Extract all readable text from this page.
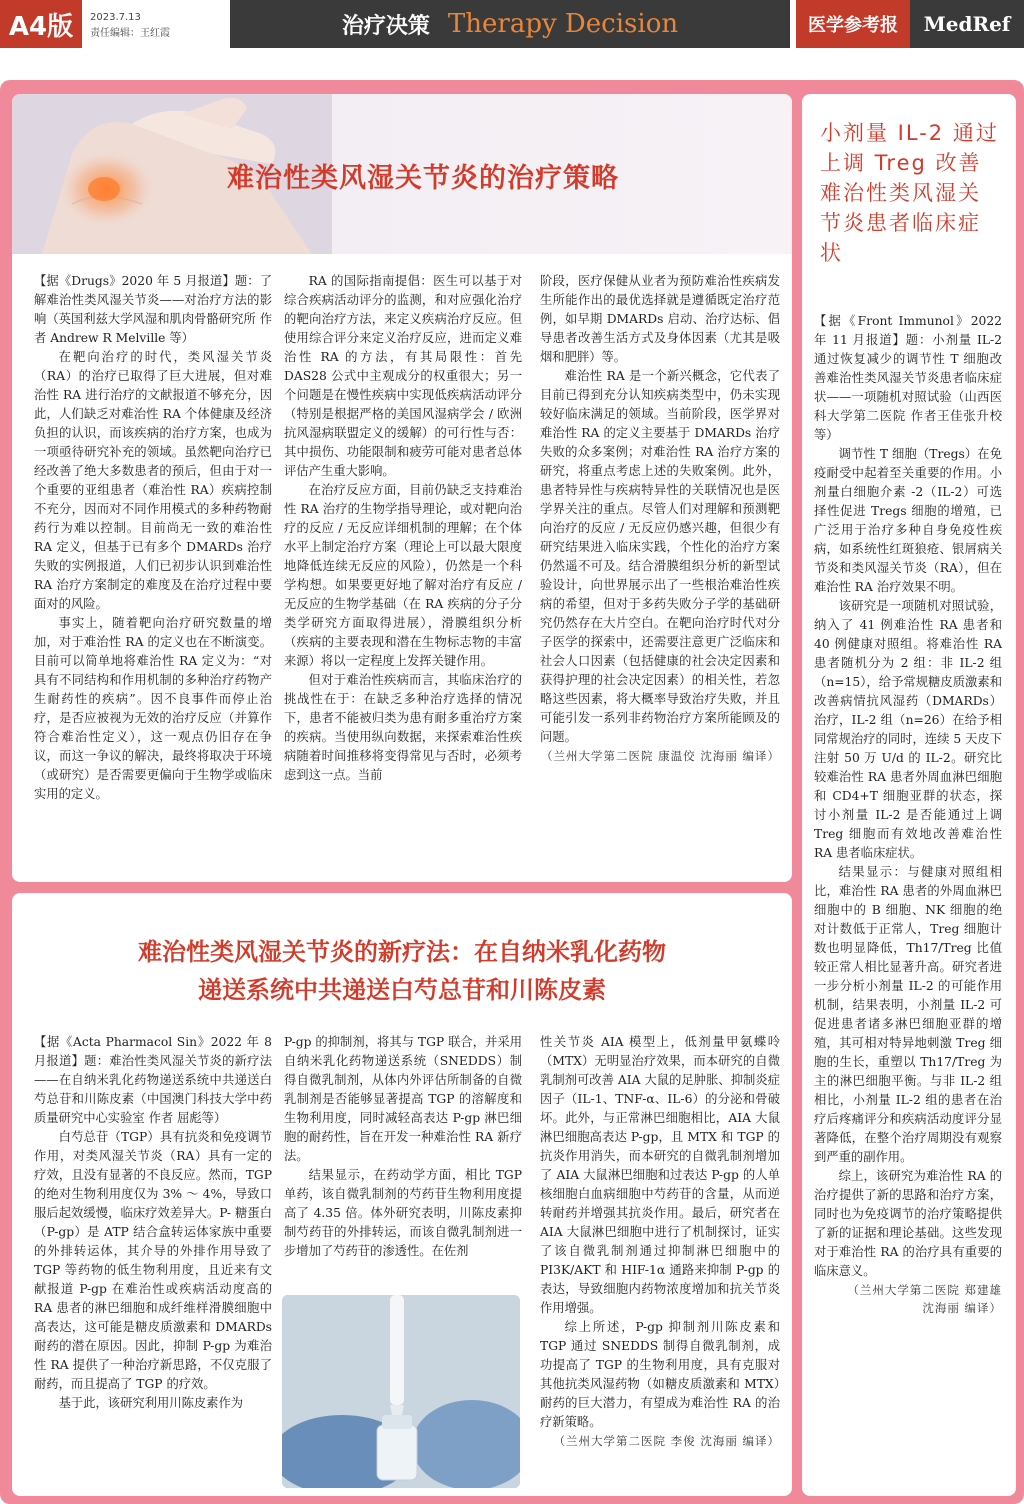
A4版	2023.7.13
责任编辑：王红霞	治疗决策 Therapy Decision	医学参考报	MedRef
难治性类风湿关节炎的治疗策略

【据《Drugs》2020 年 5 月报道】题：了解难治性类风湿关节炎——对治疗方法的影响（英国利兹大学风湿和肌肉骨骼研究所 作者 Andrew R Melville 等）

在靶向治疗的时代，类风湿关节炎（RA）的治疗已取得了巨大进展，但对难治性 RA 进行治疗的文献报道不够充分，因此，人们缺乏对难治性 RA 个体健康及经济负担的认识，而该疾病的治疗方案，也成为一项亟待研究补充的领域。虽然靶向治疗已经改善了绝大多数患者的预后，但由于对一个重要的亚组患者（难治性 RA）疾病控制不充分，因而对不同作用模式的多种药物耐药行为难以控制。目前尚无一致的难治性 RA 定义，但基于已有多个 DMARDs 治疗失败的实例报道，人们已初步认识到难治性 RA 治疗方案制定的难度及在治疗过程中要面对的风险。

事实上，随着靶向治疗研究数量的增加，对于难治性 RA 的定义也在不断演变。目前可以简单地将难治性 RA 定义为：“对具有不同结构和作用机制的多种治疗药物产生耐药性的疾病”。因不良事件而停止治疗，是否应被视为无效的治疗反应（并算作符合难治性定义），这一观点仍旧存在争议，而这一争议的解决，最终将取决于环境（或研究）是否需要更偏向于生物学或临床实用的定义。

RA 的国际指南提倡：医生可以基于对综合疾病活动评分的监测，和对应强化治疗的靶向治疗方法，来定义疾病治疗反应。但使用综合评分来定义治疗反应，进而定义难治性 RA 的方法，有其局限性：首先 DAS28 公式中主观成分的权重很大；另一个问题是在慢性疾病中实现低疾病活动评分（特别是根据严格的美国风湿病学会 / 欧洲抗风湿病联盟定义的缓解）的可行性与否：其中损伤、功能限制和疲劳可能对患者总体评估产生重大影响。

在治疗反应方面，目前仍缺乏支持难治性 RA 治疗的生物学指导理论，或对靶向治疗的反应 / 无反应详细机制的理解；在个体水平上制定治疗方案（理论上可以最大限度地降低连续无反应的风险），仍然是一个科学构想。如果要更好地了解对治疗有反应 / 无反应的生物学基础（在 RA 疾病的分子分类学研究方面取得进展），滑膜组织分析（疾病的主要表现和潜在生物标志物的丰富来源）将以一定程度上发挥关键作用。

但对于难治性疾病而言，其临床治疗的挑战性在于：在缺乏多种治疗选择的情况下，患者不能被归类为患有耐多重治疗方案的疾病。当使用纵向数据，来探索难治性疾病随着时间推移将变得常见与否时，必须考虑到这一点。当前

阶段，医疗保健从业者为预防难治性疾病发生所能作出的最优选择就是遵循既定治疗范例，如早期 DMARDs 启动、治疗达标、倡导患者改善生活方式及身体因素（尤其是吸烟和肥胖）等。

难治性 RA 是一个新兴概念，它代表了目前已得到充分认知疾病类型中，仍未实现较好临床满足的领域。当前阶段，医学界对难治性 RA 的定义主要基于 DMARDs 治疗失败的众多案例；对难治性 RA 治疗方案的研究，将重点考虑上述的失败案例。此外，患者特异性与疾病特异性的关联情况也是医学界关注的重点。尽管人们对理解和预测靶向治疗的反应 / 无反应仍感兴趣，但很少有研究结果进入临床实践，个性化的治疗方案仍然遥不可及。结合滑膜组织分析的新型试验设计，向世界展示出了一些根治难治性疾病的希望，但对于多药失败分子学的基础研究仍然存在大片空白。在靶向治疗时代对分子医学的探索中，还需要注意更广泛临床和社会人口因素（包括健康的社会决定因素和获得护理的社会决定因素）的相关性，若忽略这些因素，将大概率导致治疗失败，并且可能引发一系列非药物治疗方案所能顾及的问题。

（兰州大学第二医院 康温佼 沈海丽 编译）
难治性类风湿关节炎的新疗法：在自纳米乳化药物
递送系统中共递送白芍总苷和川陈皮素

【据《Acta Pharmacol Sin》2022 年 8 月报道】题：难治性类风湿关节炎的新疗法——在自纳米乳化药物递送系统中共递送白芍总苷和川陈皮素（中国澳门科技大学中药质量研究中心实验室 作者 屈彪等）

白芍总苷（TGP）具有抗炎和免疫调节作用，对类风湿关节炎（RA）具有一定的疗效，且没有显著的不良反应。然而，TGP 的绝对生物利用度仅为 3% ～ 4%，导致口服后起效缓慢，临床疗效差异大。P- 糖蛋白（P-gp）是 ATP 结合盒转运体家族中重要的外排转运体，其介导的外排作用导致了 TGP 等药物的低生物利用度，且近来有文献报道 P-gp 在难治性或疾病活动度高的 RA 患者的淋巴细胞和成纤维样滑膜细胞中高表达，这可能是糖皮质激素和 DMARDs 耐药的潜在原因。因此，抑制 P-gp 为难治性 RA 提供了一种治疗新思路，不仅克服了耐药，而且提高了 TGP 的疗效。

基于此，该研究利用川陈皮素作为

P-gp 的抑制剂，将其与 TGP 联合，并采用自纳米乳化药物递送系统（SNEDDS）制得自微乳制剂，从体内外评估所制备的自微乳制剂是否能够显著提高 TGP 的溶解度和生物利用度，同时减轻高表达 P-gp 淋巴细胞的耐药性，旨在开发一种难治性 RA 新疗法。

结果显示，在药动学方面，相比 TGP 单药，该自微乳制剂的芍药苷生物利用度提高了 4.35 倍。体外研究表明，川陈皮素抑制芍药苷的外排转运，而该自微乳制剂进一步增加了芍药苷的渗透性。在佐剂

性关节炎 AIA 模型上，低剂量甲氨蝶呤（MTX）无明显治疗效果，而本研究的自微乳制剂可改善 AIA 大鼠的足肿胀、抑制炎症因子（IL-1、TNF-α、IL-6）的分泌和骨破坏。此外，与正常淋巴细胞相比，AIA 大鼠淋巴细胞高表达 P-gp，且 MTX 和 TGP 的抗炎作用消失，而本研究的自微乳制剂增加了 AIA 大鼠淋巴细胞和过表达 P-gp 的人单核细胞白血病细胞中芍药苷的含量，从而逆转耐药并增强其抗炎作用。最后，研究者在 AIA 大鼠淋巴细胞中进行了机制探讨，证实了该自微乳制剂通过抑制淋巴细胞中的 PI3K/AKT 和 HIF-1α 通路来抑制 P-gp 的表达，导致细胞内药物浓度增加和抗关节炎作用增强。

综上所述，P-gp 抑制剂川陈皮素和 TGP 通过 SNEDDS 制得自微乳制剂，成功提高了 TGP 的生物利用度，具有克服对其他抗类风湿药物（如糖皮质激素和 MTX）耐药的巨大潜力，有望成为难治性 RA 的治疗新策略。

（兰州大学第二医院 李俊 沈海丽 编译）
小剂量 IL-2 通过上调 Treg 改善难治性类风湿关节炎患者临床症状

【据《Front Immunol》2022 年 11 月报道】题：小剂量 IL-2 通过恢复减少的调节性 T 细胞改善难治性类风湿关节炎患者临床症状——一项随机对照试验（山西医科大学第二医院 作者王佳张升校等）

调节性 T 细胞（Tregs）在免疫耐受中起着至关重要的作用。小剂量白细胞介素 -2（IL-2）可选择性促进 Tregs 细胞的增殖，已广泛用于治疗多种自身免疫性疾病，如系统性红斑狼疮、银屑病关节炎和类风湿关节炎（RA），但在难治性 RA 治疗效果不明。

该研究是一项随机对照试验，纳入了 41 例难治性 RA 患者和 40 例健康对照组。将难治性 RA 患者随机分为 2 组：非 IL-2 组（n=15），给予常规糖皮质激素和改善病情抗风湿药（DMARDs）治疗，IL-2 组（n=26）在给予相同常规治疗的同时，连续 5 天皮下注射 50 万 U/d 的 IL-2。研究比较难治性 RA 患者外周血淋巴细胞和 CD4+T 细胞亚群的状态，探讨小剂量 IL-2 是否能通过上调 Treg 细胞而有效地改善难治性 RA 患者临床症状。

结果显示：与健康对照组相比，难治性 RA 患者的外周血淋巴细胞中的 B 细胞、NK 细胞的绝对计数低于正常人，Treg 细胞计数也明显降低，Th17/Treg 比值较正常人相比显著升高。研究者进一步分析小剂量 IL-2 的可能作用机制，结果表明，小剂量 IL-2 可促进患者诸多淋巴细胞亚群的增殖，其可相对特异地刺激 Treg 细胞的生长，重塑以 Th17/Treg 为主的淋巴细胞平衡。与非 IL-2 组相比，小剂量 IL-2 组的患者在治疗后疼痛评分和疾病活动度评分显著降低，在整个治疗周期没有观察到严重的副作用。

综上，该研究为难治性 RA 的治疗提供了新的思路和治疗方案，同时也为免疫调节的治疗策略提供了新的证据和理论基础。这些发现对于难治性 RA 的治疗具有重要的临床意义。

（兰州大学第二医院 郑建雄
沈海丽 编译）
